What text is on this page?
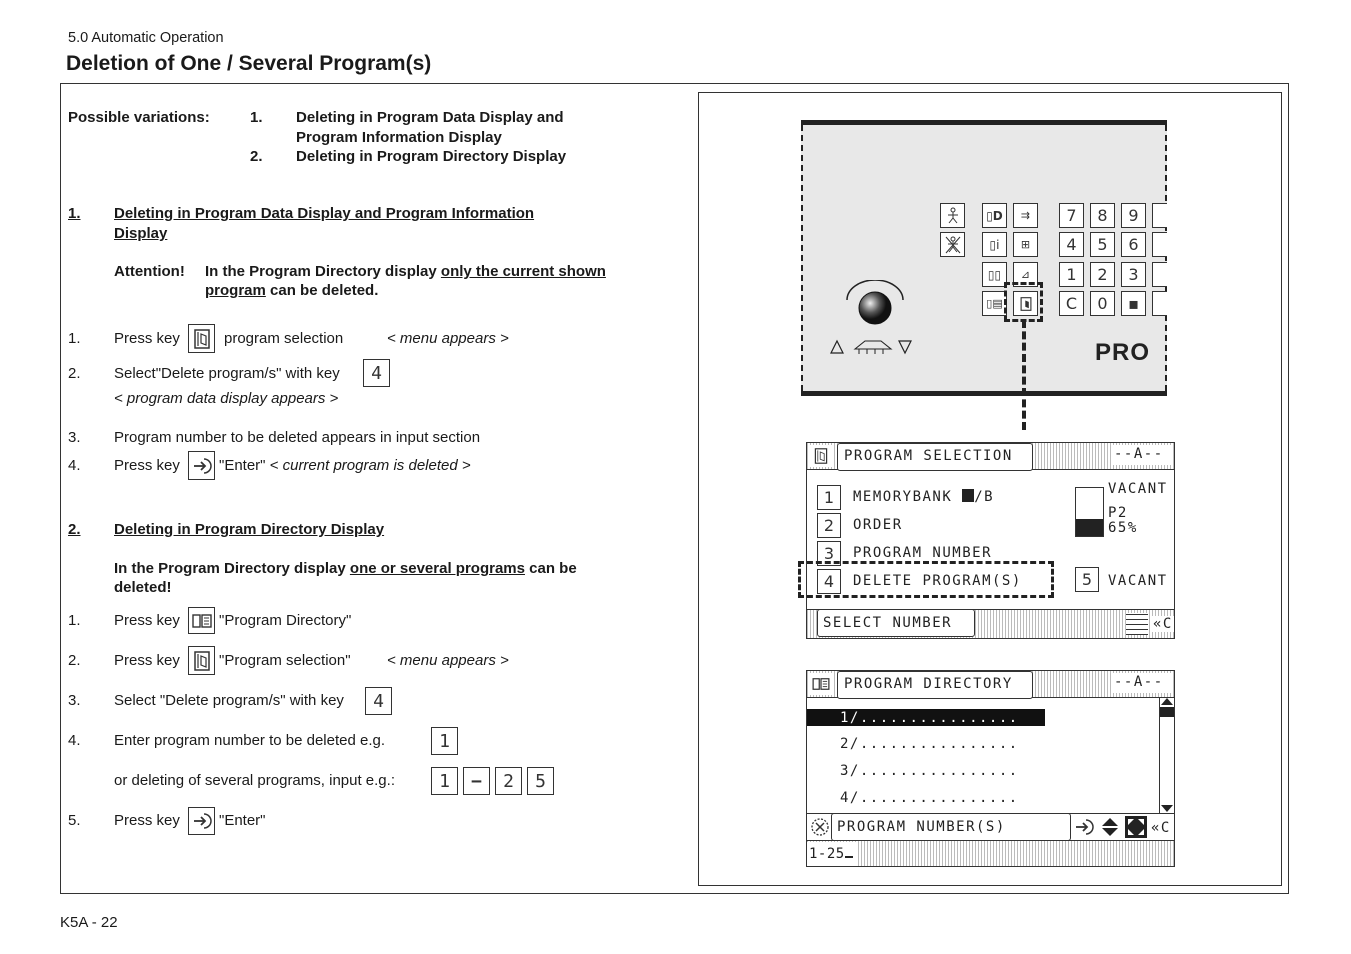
5.0 Automatic Operation
Deletion of One / Several Program(s)
Possible variations:	1. Deleting in Program Data Display and
Program Information Display
2. Deleting in Program Directory Display
1. Deleting in Program Data Display and Program Information
Display
Attention! In the Program Directory display only the current shown
program can be deleted.
1. Press key	program selection	< menu appears >
2. Select"Delete program/s" with key	4
< program data display appears >
3. Program number to be deleted appears in input section
4. Press key	"Enter" < current program is deleted >
2. Deleting in Program Directory Display
In the Program Directory display one or several programs can be
deleted!
1. Press key	"Program Directory"
2. Press key	"Program selection" < menu appears >
3. Select "Delete program/s" with key	4
4. Enter program number to be deleted e.g.	1
or deleting of several programs, input e.g.:	1	−	2	5
5. Press key	"Enter"
▯D
▯i
▯▯
▯▤
⇉
⊞
⊿
7	8	9
4	5	6
1	2	3
C	0	▪
PRO
PROGRAM SELECTION	--A--
1	MEMORYBANK /B
2	ORDER
3	PROGRAM NUMBER
4	DELETE PROGRAM(S)
VACANT
P2
65%
5	VACANT
SELECT NUMBER	«C
PROGRAM DIRECTORY	--A--
1/................
2/................
3/................
4/................
PROGRAM NUMBER(S)	«C
1-25
K5A - 22
